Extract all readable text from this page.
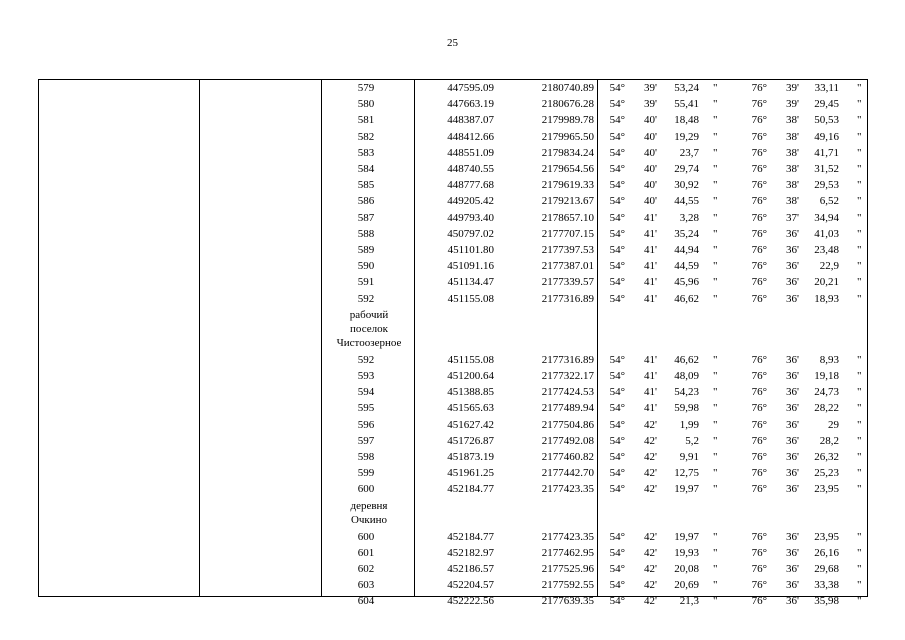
25
579	447595.09	2180740.89	54°	39'	53,24 "	76°	39'	33,11 "
580	447663.19	2180676.28	54°	39'	55,41 "	76°	39'	29,45 "
581	448387.07	2179989.78	54°	40'	18,48 "	76°	38'	50,53 "
582	448412.66	2179965.50	54°	40'	19,29 "	76°	38'	49,16 "
583	448551.09	2179834.24	54°	40'	23,7 "	76°	38'	41,71 "
584	448740.55	2179654.56	54°	40'	29,74 "	76°	38'	31,52 "
585	448777.68	2179619.33	54°	40'	30,92 "	76°	38'	29,53 "
586	449205.42	2179213.67	54°	40'	44,55 "	76°	38'	6,52 "
587	449793.40	2178657.10	54°	41'	3,28 "	76°	37'	34,94 "
588	450797.02	2177707.15	54°	41'	35,24 "	76°	36'	41,03 "
589	451101.80	2177397.53	54°	41'	44,94 "	76°	36'	23,48 "
590	451091.16	2177387.01	54°	41'	44,59 "	76°	36'	22,9 "
591	451134.47	2177339.57	54°	41'	45,96 "	76°	36'	20,21 "
592	451155.08	2177316.89	54°	41'	46,62 "	76°	36'	18,93 "
рабочий
поселок
Чистоозерное
592	451155.08	2177316.89	54°	41'	46,62 "	76°	36'	8,93 "
593	451200.64	2177322.17	54°	41'	48,09 "	76°	36'	19,18 "
594	451388.85	2177424.53	54°	41'	54,23 "	76°	36'	24,73 "
595	451565.63	2177489.94	54°	41'	59,98 "	76°	36'	28,22 "
596	451627.42	2177504.86	54°	42'	1,99 "	76°	36'	29 "
597	451726.87	2177492.08	54°	42'	5,2 "	76°	36'	28,2 "
598	451873.19	2177460.82	54°	42'	9,91 "	76°	36'	26,32 "
599	451961.25	2177442.70	54°	42'	12,75 "	76°	36'	25,23 "
600	452184.77	2177423.35	54°	42'	19,97 "	76°	36'	23,95 "
деревня
Очкино
600	452184.77	2177423.35	54°	42'	19,97 "	76°	36'	23,95 "
601	452182.97	2177462.95	54°	42'	19,93 "	76°	36'	26,16 "
602	452186.57	2177525.96	54°	42'	20,08 "	76°	36'	29,68 "
603	452204.57	2177592.55	54°	42'	20,69 "	76°	36'	33,38 "
604	452222.56	2177639.35	54°	42'	21,3 "	76°	36'	35,98 "
